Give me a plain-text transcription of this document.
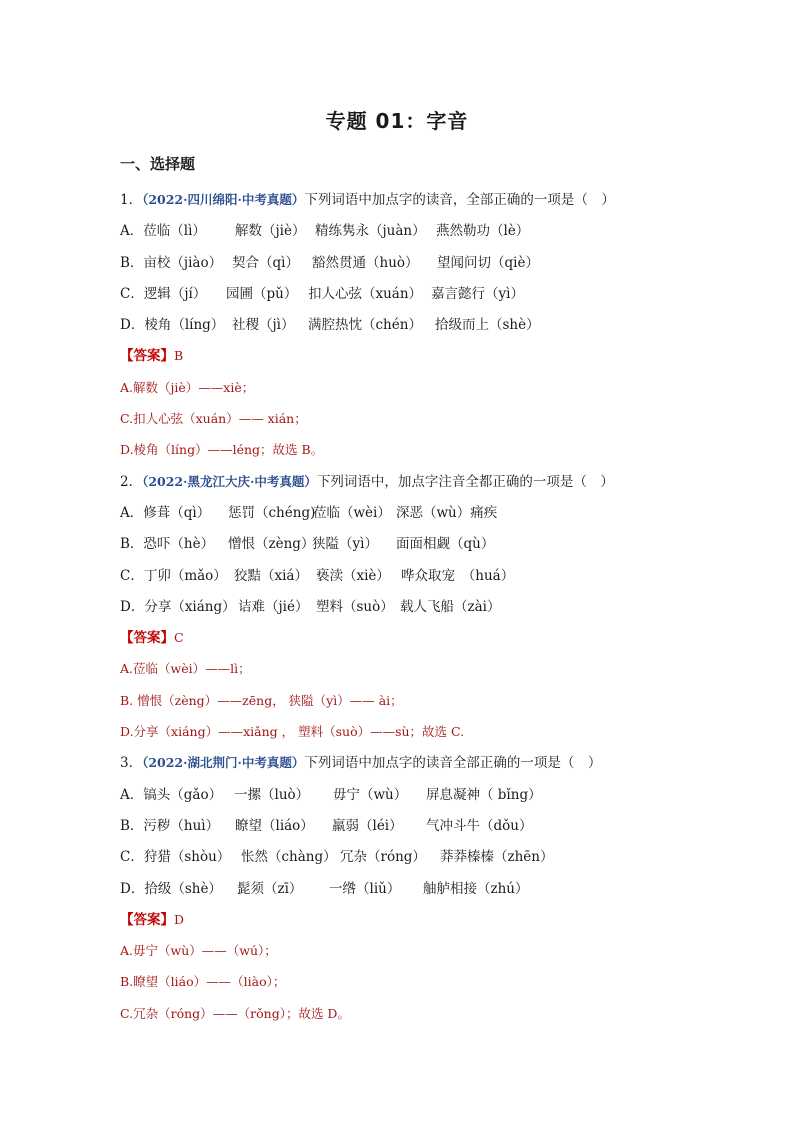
专题 01：字音
一、选择题
1．（2022·四川绵阳·中考真题）下列词语中加点字的读音，全部正确的一项是（　）
A．莅临（lì） 解数（jiè） 精练隽永（juàn） 燕然勒功（lè）
B．亩校（jiào） 契合（qì） 豁然贯通（huò） 望闻问切（qiè）
C．逻辑（jí） 园圃（pǔ） 扣人心弦（xuán） 嘉言懿行（yì）
D．棱角（líng） 社稷（jì） 满腔热忱（chén） 拾级而上（shè）
【答案】B
A.解数（jiè）——xiè；
C.扣人心弦（xuán）—— xián；
D.棱角（líng）——léng；故选 B。
2．（2022·黑龙江大庆·中考真题）下列词语中，加点字注音全都正确的一项是（　）
A．修葺（qì） 惩罚（chéng)莅临（wèi） 深恶（wù）痛疾
B．恐吓（hè） 憎恨（zèng）狭隘（yì） 面面相觑（qù）
C．丁卯（mǎo） 狡黠（xiá） 亵渎（xiè） 哗众取宠　（huá）
D．分享（xiáng） 诘难（jié） 塑料（suò） 载人飞船（zài）
【答案】C
A.莅临（wèi）——lì；
B. 憎恨（zèng）——zēng， 狭隘（yì）—— ài；
D.分享（xiáng）——xiǎng ， 塑料（suò）——sù；故选 C.
3．（2022·湖北荆门·中考真题）下列词语中加点字的读音全部正确的一项是（　）
A．镐头（gǎo） 一摞（luò） 毋宁（wù） 屏息凝神（ bǐng）
B．污秽（huì） 瞭望（liáo） 羸弱（léi） 气冲斗牛（dǒu）
C．狩猎（shòu） 怅然（chàng） 冗杂（róng） 莽莽榛榛（zhēn）
D．拾级（shè） 髭须（zī） 一绺（liǔ） 舳舻相接（zhú）
【答案】D
A.毋宁（wù）——（wú）；
B.瞭望（liáo）——（liào）；
C.冗杂（róng）——（rǒng）；故选 D。
